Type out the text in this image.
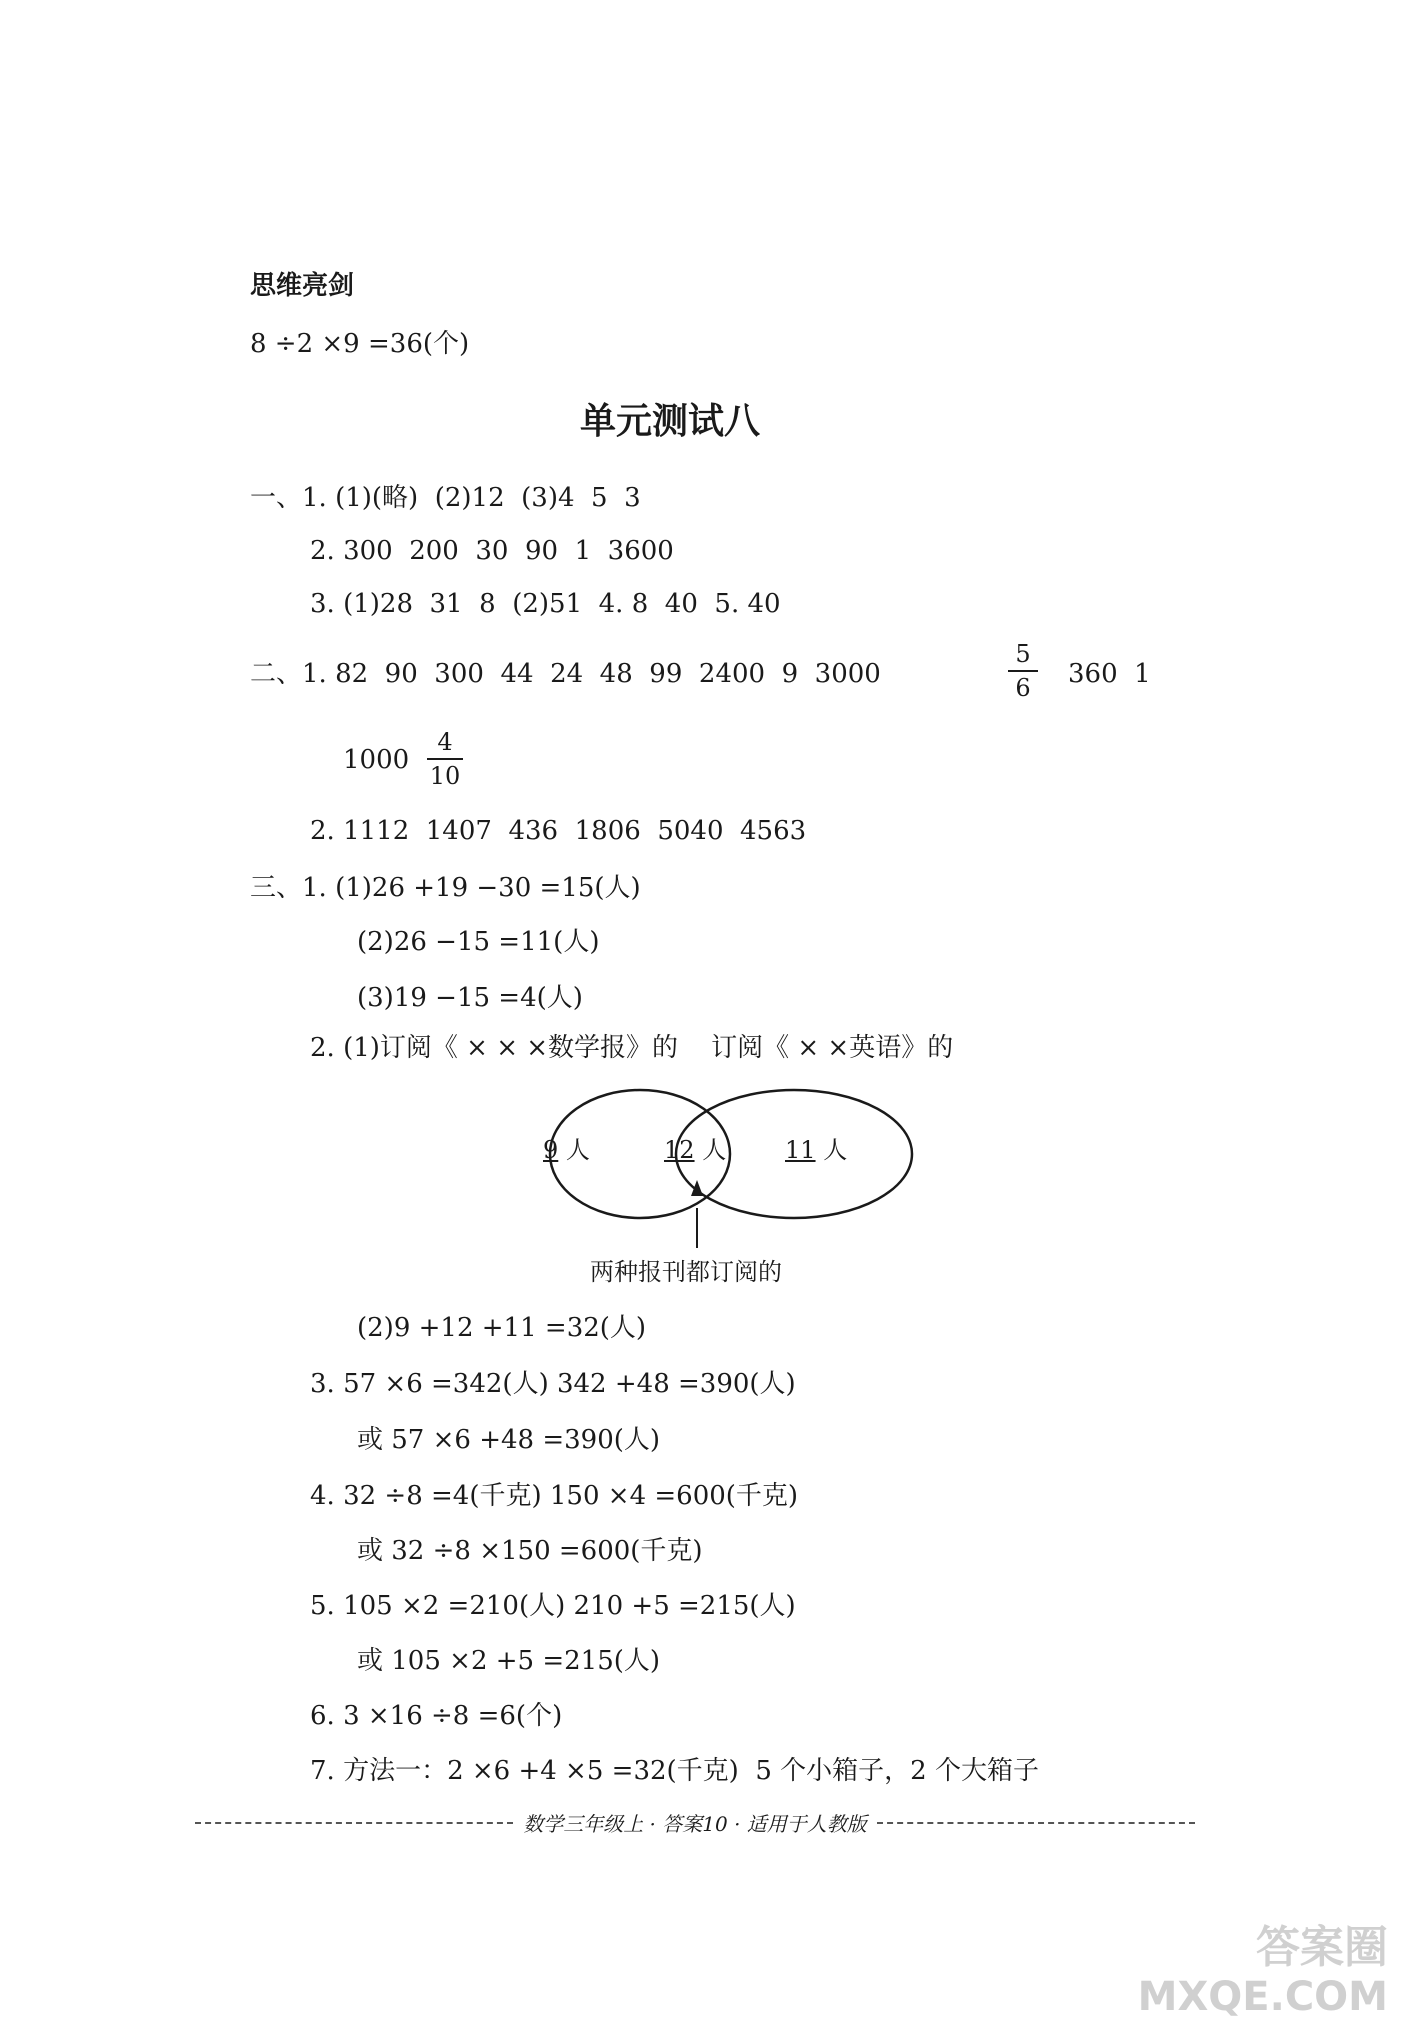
思维亮剑
8 ÷2 ×9 =36(个)
单元测试八
一、1. (1)(略)  (2)12  (3)4  5  3
2. 300  200  30  90  1  3600
3. (1)28  31  8  (2)51  4. 8  40  5. 40
二、1. 82  90  300  44  24  48  99  2400  9  3000
5
6 360  1
1000
4
10
2. 1112  1407  436  1806  5040  4563
三、1. (1)26 +19 −30 =15(人)
(2)26 −15 =11(人)
(3)19 −15 =4(人)
2. (1)订阅《 × × ×数学报》的    订阅《 × ×英语》的
9 人	12 人 11 人
两种报刊都订阅的
(2)9 +12 +11 =32(人)
3. 57 ×6 =342(人) 342 +48 =390(人)
或 57 ×6 +48 =390(人)
4. 32 ÷8 =4(千克) 150 ×4 =600(千克)
或 32 ÷8 ×150 =600(千克)
5. 105 ×2 =210(人) 210 +5 =215(人)
或 105 ×2 +5 =215(人)
6. 3 ×16 ÷8 =6(个)
7. 方法一：2 ×6 +4 ×5 =32(千克)  5 个小箱子，2 个大箱子
数学三年级上 · 答案10 · 适用于人教版
答案圈
MXQE.COM
